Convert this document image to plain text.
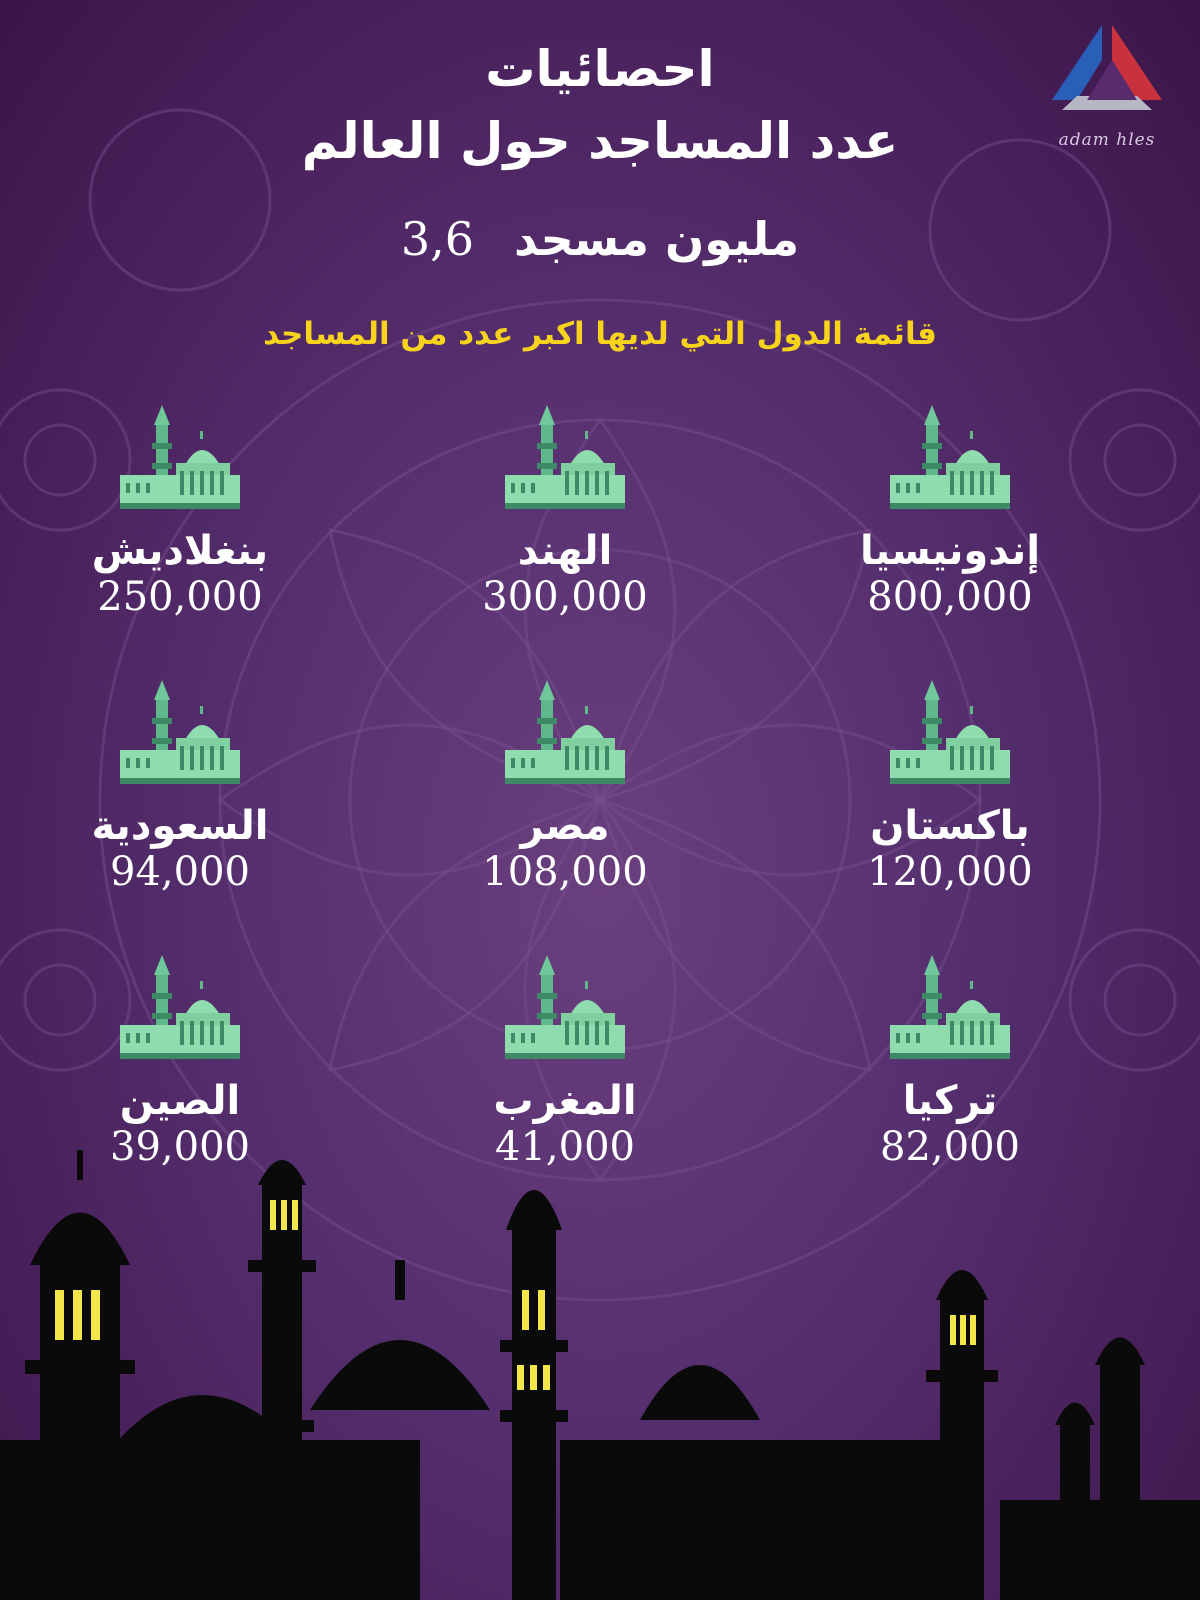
adam hles
احصائيات
عدد المساجد حول العالم
مليون مسجد 3,6
قائمة الدول التي لديها اكبر عدد من المساجد
إندونيسيا
800,000
الهند
300,000
بنغلاديش
250,000
باكستان
120,000
مصر
108,000
السعودية
94,000
تركيا
82,000
المغرب
41,000
الصين
39,000
